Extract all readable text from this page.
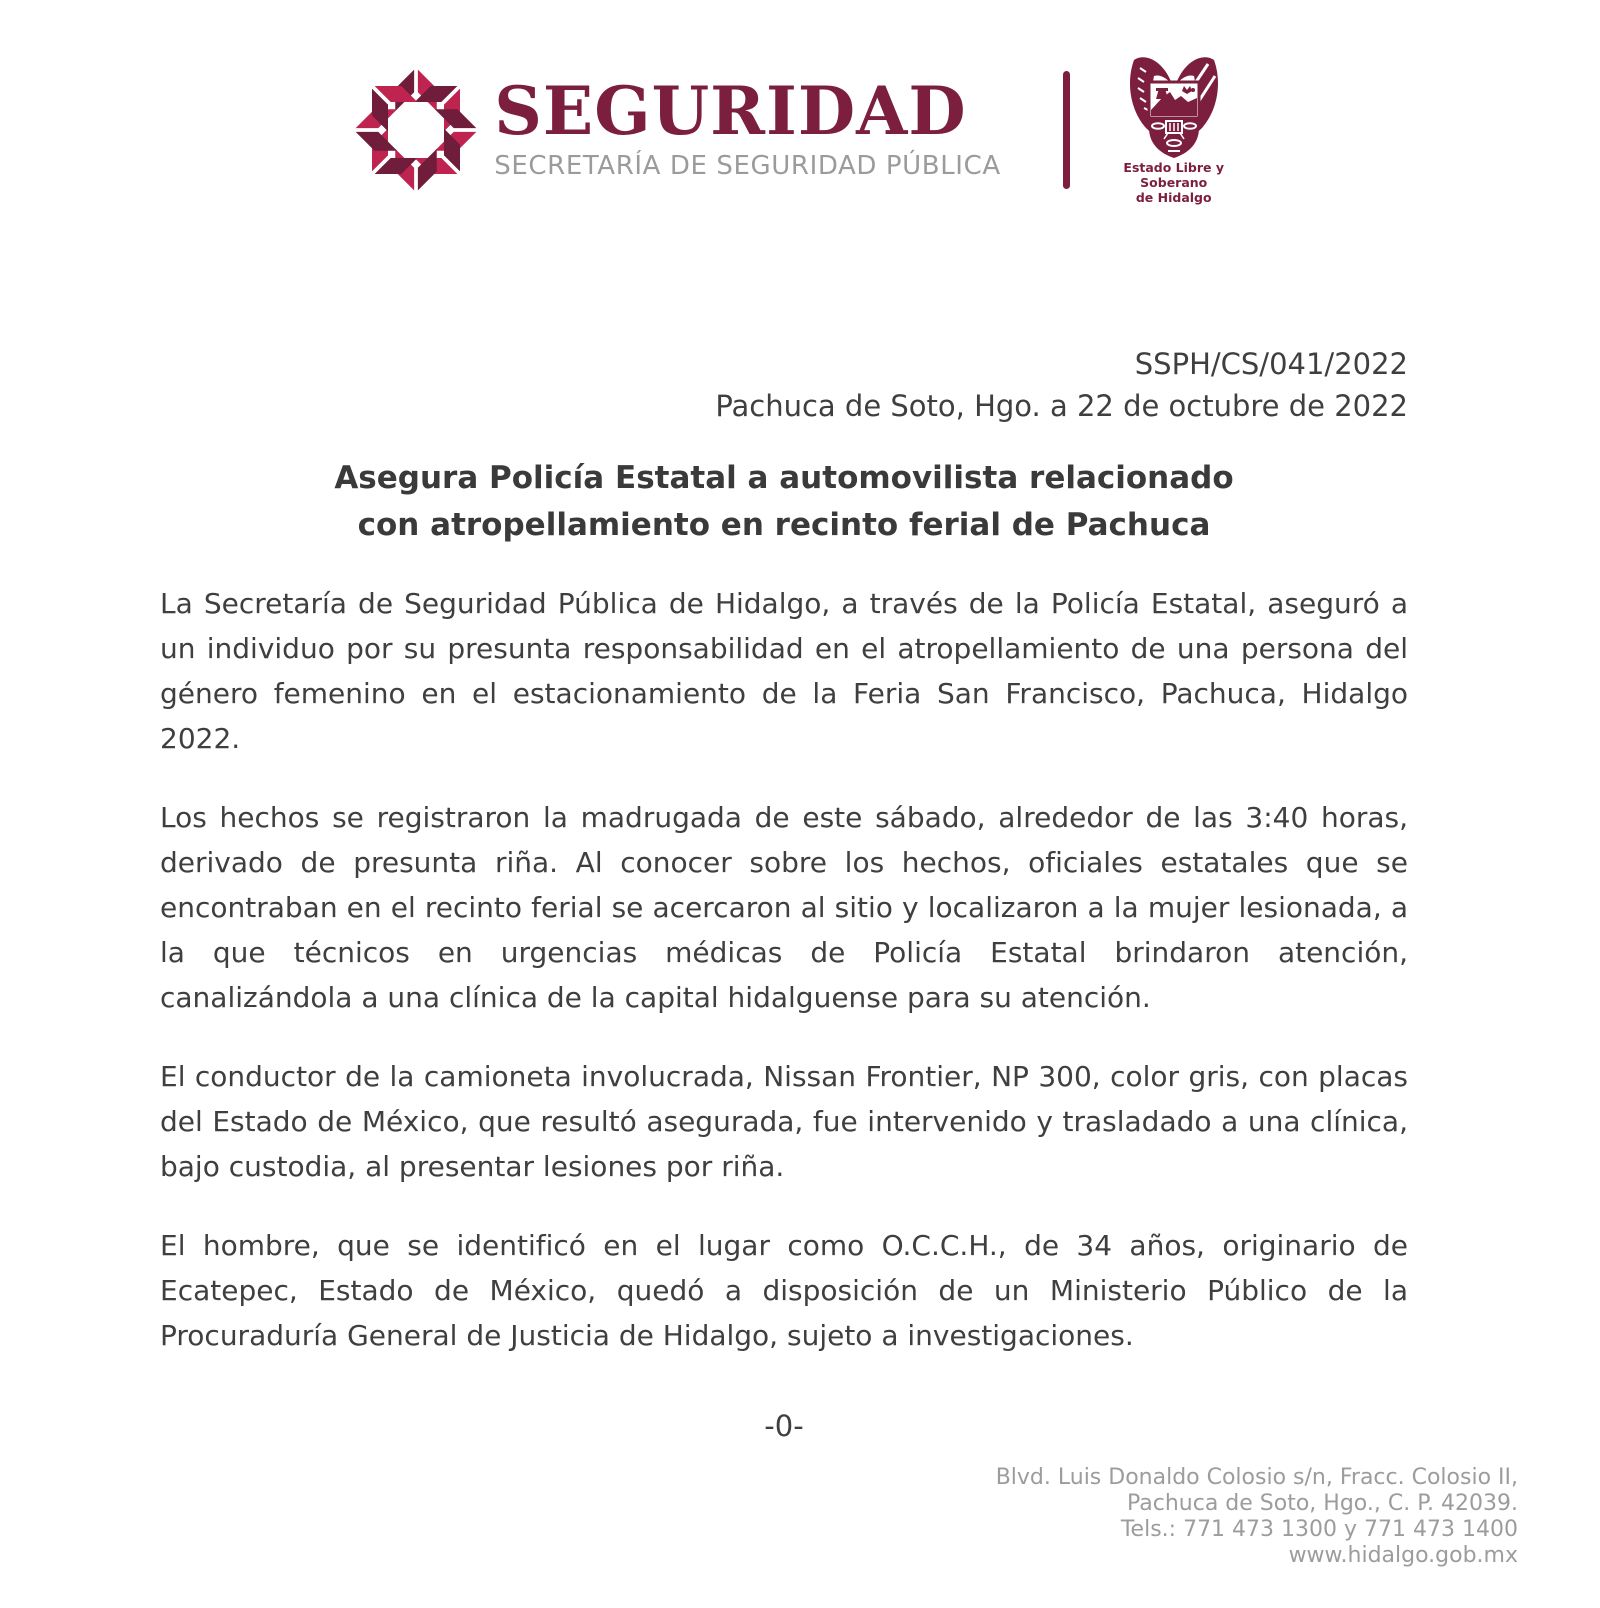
SEGURIDAD
SECRETARÍA DE SEGURIDAD PÚBLICA	Estado Libre y Soberano
de Hidalgo
SSPH/CS/041/2022
Pachuca de Soto, Hgo. a 22 de octubre de 2022
Asegura Policía Estatal a automovilista relacionado
con atropellamiento en recinto ferial de Pachuca

La Secretaría de Seguridad Pública de Hidalgo, a través de la Policía Estatal, aseguró a un individuo por su presunta responsabilidad en el atropellamiento de una persona del género femenino en el estacionamiento de la Feria San Francisco, Pachuca, Hidalgo 2022.

Los hechos se registraron la madrugada de este sábado, alrededor de las 3:40 horas, derivado de presunta riña. Al conocer sobre los hechos, oficiales estatales que se encontraban en el recinto ferial se acercaron al sitio y localizaron a la mujer lesionada, a la que técnicos en urgencias médicas de Policía Estatal brindaron atención, canalizándola a una clínica de la capital hidalguense para su atención.

El conductor de la camioneta involucrada, Nissan Frontier, NP 300, color gris, con placas del Estado de México, que resultó asegurada, fue intervenido y trasladado a una clínica, bajo custodia, al presentar lesiones por riña.

El hombre, que se identificó en el lugar como O.C.C.H., de 34 años, originario de Ecatepec, Estado de México, quedó a disposición de un Ministerio Público de la Procuraduría General de Justicia de Hidalgo, sujeto a investigaciones.

-0-
Blvd. Luis Donaldo Colosio s/n, Fracc. Colosio II,
Pachuca de Soto, Hgo., C. P. 42039.
Tels.: 771 473 1300 y 771 473 1400
www.hidalgo.gob.mx
